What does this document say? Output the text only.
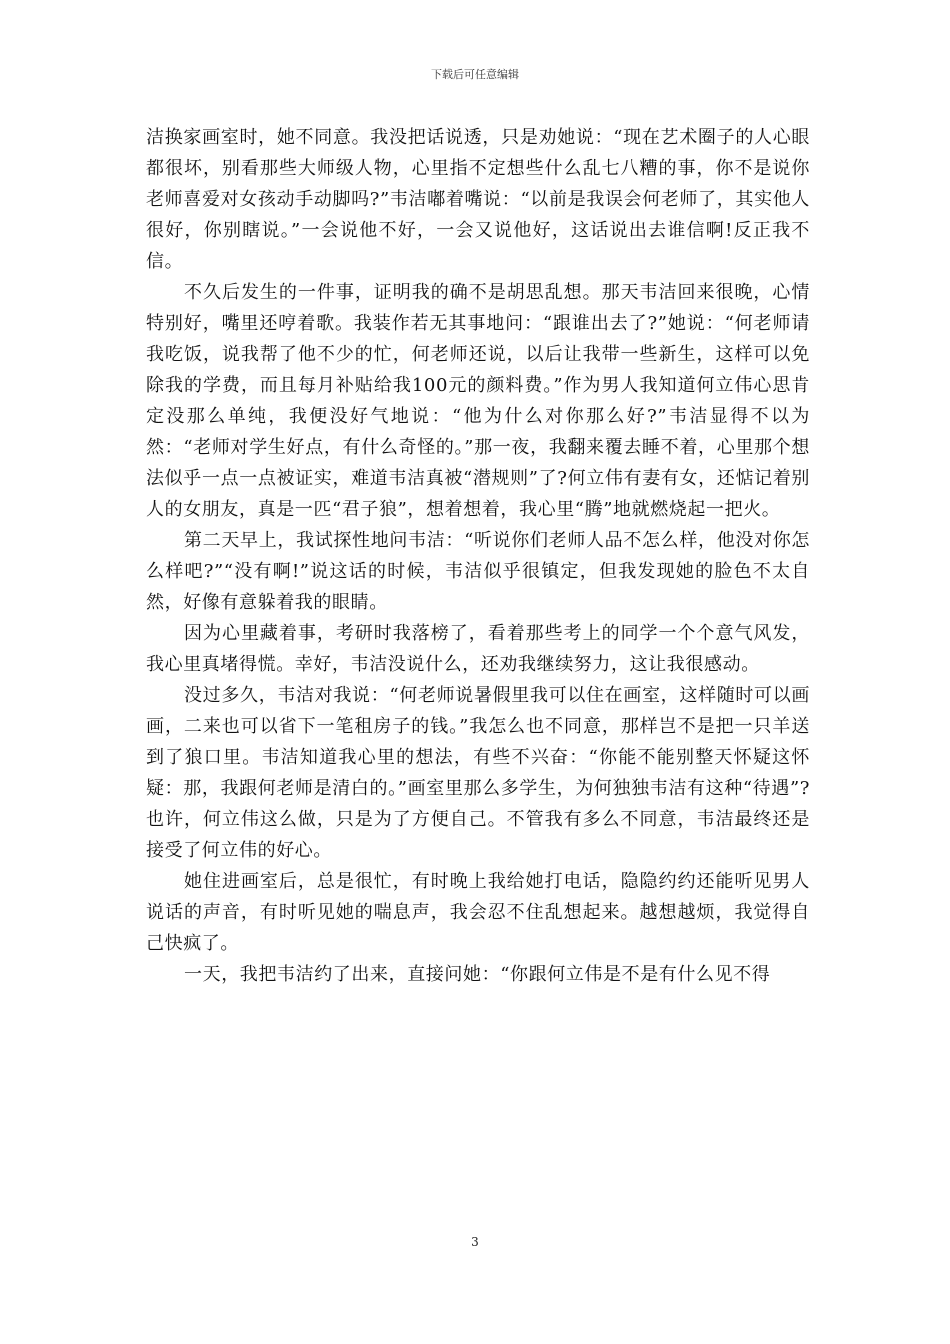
下载后可任意编辑

洁换家画室时，她不同意。我没把话说透，只是劝她说：“现在艺术圈子的人心眼都很坏，别看那些大师级人物，心里指不定想些什么乱七八糟的事，你不是说你老师喜爱对女孩动手动脚吗?”韦洁嘟着嘴说：“以前是我误会何老师了，其实他人很好，你别瞎说。”一会说他不好，一会又说他好，这话说出去谁信啊!反正我不信。

不久后发生的一件事，证明我的确不是胡思乱想。那天韦洁回来很晚，心情特别好，嘴里还哼着歌。我装作若无其事地问：“跟谁出去了?”她说：“何老师请我吃饭，说我帮了他不少的忙，何老师还说，以后让我带一些新生，这样可以免除我的学费，而且每月补贴给我100元的颜料费。”作为男人我知道何立伟心思肯定没那么单纯，我便没好气地说：“他为什么对你那么好?”韦洁显得不以为然：“老师对学生好点，有什么奇怪的。”那一夜，我翻来覆去睡不着，心里那个想法似乎一点一点被证实，难道韦洁真被“潜规则”了?何立伟有妻有女，还惦记着别人的女朋友，真是一匹“君子狼”，想着想着，我心里“腾”地就燃烧起一把火。

第二天早上，我试探性地问韦洁：“听说你们老师人品不怎么样，他没对你怎么样吧?”“没有啊!”说这话的时候，韦洁似乎很镇定，但我发现她的脸色不太自然，好像有意躲着我的眼睛。

因为心里藏着事，考研时我落榜了，看着那些考上的同学一个个意气风发，我心里真堵得慌。幸好，韦洁没说什么，还劝我继续努力，这让我很感动。

没过多久，韦洁对我说：“何老师说暑假里我可以住在画室，这样随时可以画画，二来也可以省下一笔租房子的钱。”我怎么也不同意，那样岂不是把一只羊送到了狼口里。韦洁知道我心里的想法，有些不兴奋：“你能不能别整天怀疑这怀疑：那，我跟何老师是清白的。”画室里那么多学生，为何独独韦洁有这种“待遇”?也许，何立伟这么做，只是为了方便自己。不管我有多么不同意，韦洁最终还是接受了何立伟的好心。

她住进画室后，总是很忙，有时晚上我给她打电话，隐隐约约还能听见男人说话的声音，有时听见她的喘息声，我会忍不住乱想起来。越想越烦，我觉得自己快疯了。

一天，我把韦洁约了出来，直接问她：“你跟何立伟是不是有什么见不得

3
